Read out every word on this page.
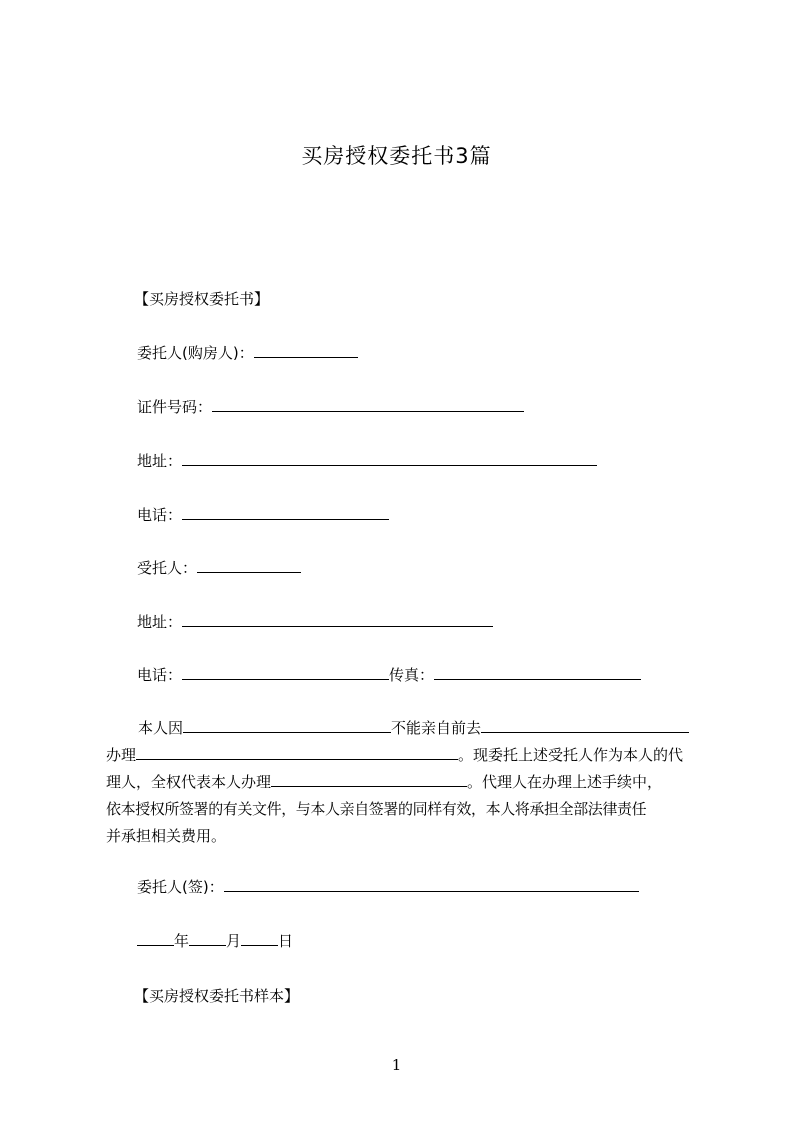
买房授权委托书3篇
【买房授权委托书】
委托人(购房人)：
证件号码：
地址：
电话：
受托人：
地址：
电话：	传真：
本人因	不能亲自前去
办理	。现委托上述受托人作为本人的代
理人，全权代表本人办理	。代理人在办理上述手续中，
依本授权所签署的有关文件，与本人亲自签署的同样有效，本人将承担全部法律责任
并承担相关费用。
委托人(签)：
年 月 日
【买房授权委托书样本】
1
